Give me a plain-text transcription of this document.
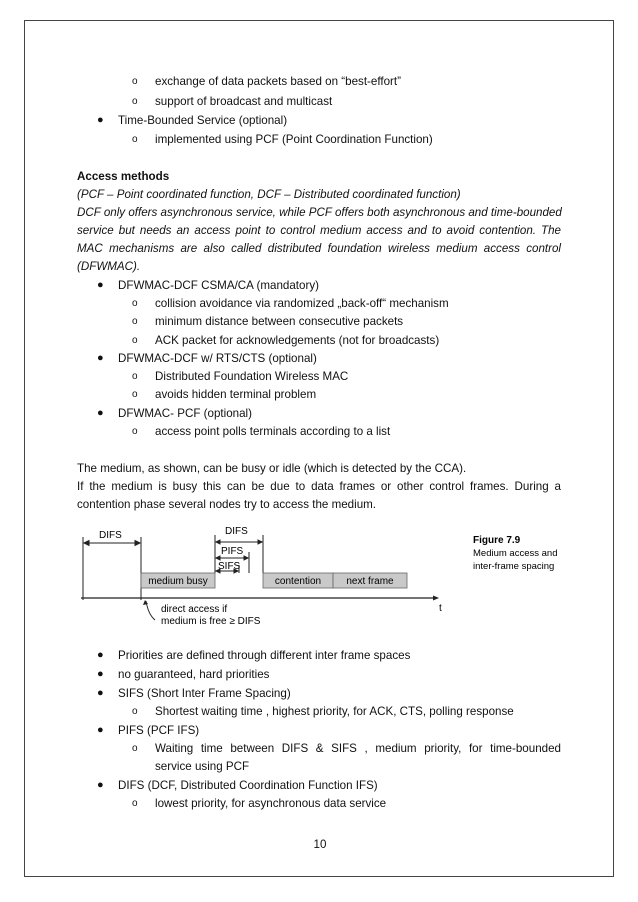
o exchange of data packets based on “best-effort”
o support of broadcast and multicast
● Time-Bounded Service (optional)
o implemented using PCF (Point Coordination Function)
Access methods
(PCF – Point coordinated function, DCF – Distributed coordinated function)
DCF only offers asynchronous service, while PCF offers both asynchronous and time-bounded
service but needs an access point to control medium access and to avoid contention. The
MAC mechanisms are also called distributed foundation wireless medium access control
(DFWMAC).
● DFWMAC-DCF CSMA/CA (mandatory)
o collision avoidance via randomized „back-off“ mechanism
o minimum distance between consecutive packets
o ACK packet for acknowledgements (not for broadcasts)
● DFWMAC-DCF w/ RTS/CTS (optional)
o Distributed Foundation Wireless MAC
o avoids hidden terminal problem
● DFWMAC- PCF (optional)
o access point polls terminals according to a list
The medium, as shown, can be busy or idle (which is detected by the CCA).
If the medium is busy this can be due to data frames or other control frames. During a
contention phase several nodes try to access the medium.
DIFS	DIFS
PIFS
SIFS
medium busy	contention	next frame
t
direct access if
medium is free ≥ DIFS
Figure 7.9
Medium access and
inter-frame spacing
● Priorities are defined through different inter frame spaces
● no guaranteed, hard priorities
● SIFS (Short Inter Frame Spacing)
o Shortest waiting time , highest priority, for ACK, CTS, polling response
● PIFS (PCF IFS)
o Waiting time between DIFS & SIFS , medium priority, for time-bounded
service using PCF
● DIFS (DCF, Distributed Coordination Function IFS)
o lowest priority, for asynchronous data service
10
